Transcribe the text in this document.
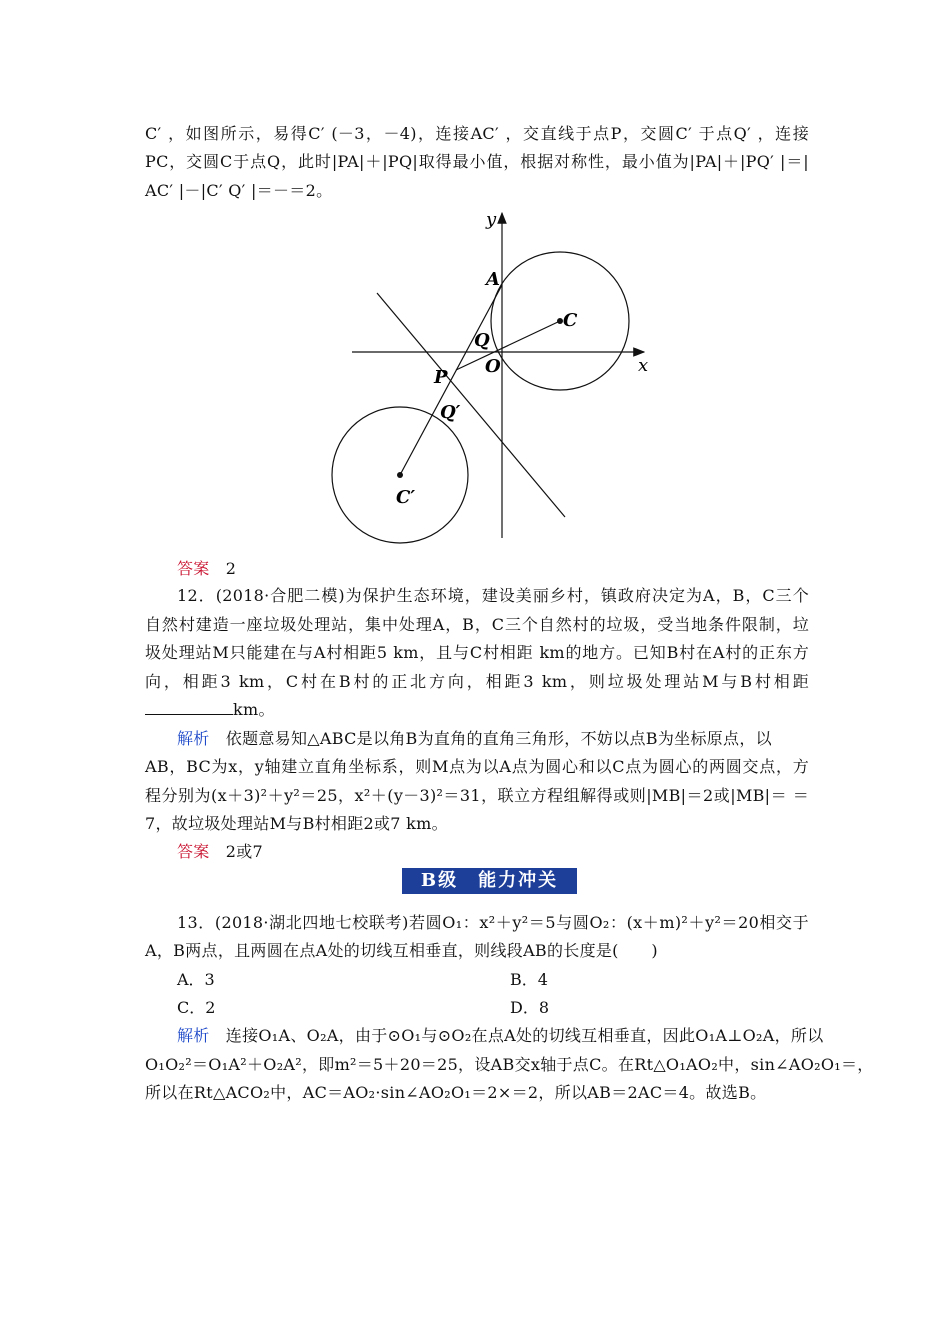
C′ ，如图所示，易得C′ (－3，－4)，连接AC′ ，交直线于点P，交圆C′ 于点Q′ ，连接
PC，交圆C于点Q，此时|PA|＋|PQ|取得最小值，根据对称性，最小值为|PA|＋|PQ′ |＝|
AC′ |－|C′ Q′ |＝－＝2。
y
x
A
C
Q
O
P
Q′
C′
答案 2
12．(2018·合肥二模)为保护生态环境，建设美丽乡村，镇政府决定为A，B，C三个
自然村建造一座垃圾处理站，集中处理A，B，C三个自然村的垃圾，受当地条件限制，垃
圾处理站M只能建在与A村相距5 km，且与C村相距 km的地方。已知B村在A村的正东方
向，相距3 km，C村在B村的正北方向，相距3 km，则垃圾处理站M与B村相距
km。
解析 依题意易知△ABC是以角B为直角的直角三角形，不妨以点B为坐标原点，以
AB，BC为x，y轴建立直角坐标系，则M点为以A点为圆心和以C点为圆心的两圆交点，方
程分别为(x＋3)²＋y²＝25，x²＋(y－3)²＝31，联立方程组解得或则|MB|＝2或|MB|＝ ＝
7，故垃圾处理站M与B村相距2或7 km。
答案 2或7
B级　能力冲关
13．(2018·湖北四地七校联考)若圆O₁：x²＋y²＝5与圆O₂：(x＋m)²＋y²＝20相交于
A，B两点，且两圆在点A处的切线互相垂直，则线段AB的长度是(　　)
A．3	B．4
C．2	D．8
解析 连接O₁A、O₂A，由于⊙O₁与⊙O₂在点A处的切线互相垂直，因此O₁A⊥O₂A，所以
O₁O₂²＝O₁A²＋O₂A²，即m²＝5＋20＝25，设AB交x轴于点C。在Rt△O₁AO₂中，sin∠AO₂O₁＝，
所以在Rt△ACO₂中，AC＝AO₂·sin∠AO₂O₁＝2×＝2，所以AB＝2AC＝4。故选B。
